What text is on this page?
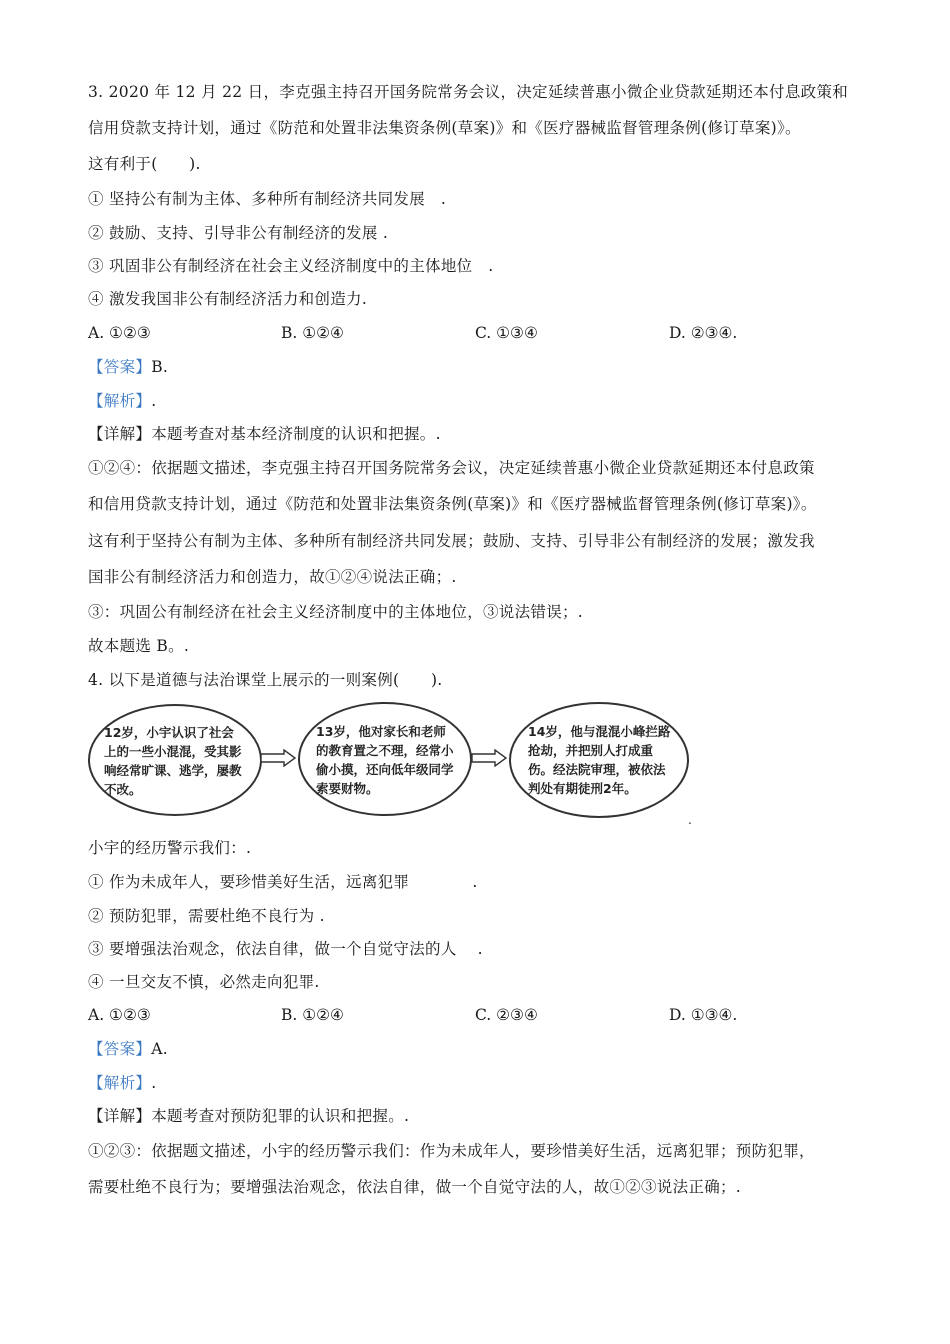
3. 2020 年 12 月 22 日，李克强主持召开国务院常务会议，决定延续普惠小微企业贷款延期还本付息政策和
信用贷款支持计划，通过《防范和处置非法集资条例(草案)》和《医疗器械监督管理条例(修订草案)》。
这有利于(　　).
① 坚持公有制为主体、多种所有制经济共同发展　.
② 鼓励、支持、引导非公有制经济的发展 .
③ 巩固非公有制经济在社会主义经济制度中的主体地位　.
④ 激发我国非公有制经济活力和创造力.
A. ①②③	B. ①②④	C. ①③④	D. ②③④.
【答案】B.
【解析】.
【详解】本题考查对基本经济制度的认识和把握。.
①②④：依据题文描述，李克强主持召开国务院常务会议，决定延续普惠小微企业贷款延期还本付息政策
和信用贷款支持计划，通过《防范和处置非法集资条例(草案)》和《医疗器械监督管理条例(修订草案)》。
这有利于坚持公有制为主体、多种所有制经济共同发展；鼓励、支持、引导非公有制经济的发展；激发我
国非公有制经济活力和创造力，故①②④说法正确；.
③：巩固公有制经济在社会主义经济制度中的主体地位，③说法错误；.
故本题选 B。.
4. 以下是道德与法治课堂上展示的一则案例(　　).
12岁，小宇认识了社会上的一些小混混，受其影响经常旷课、逃学，屡教不改。
13岁，他对家长和老师的教育置之不理，经常小偷小摸，还向低年级同学索要财物。
14岁，他与混混小峰拦路抢劫，并把别人打成重伤。经法院审理，被依法判处有期徒刑2年。
.
小宇的经历警示我们：.
① 作为未成年人，要珍惜美好生活，远离犯罪　　　　.
② 预防犯罪，需要杜绝不良行为 .
③ 要增强法治观念，依法自律，做一个自觉守法的人　 .
④ 一旦交友不慎，必然走向犯罪.
A. ①②③	B. ①②④	C. ②③④	D. ①③④.
【答案】A.
【解析】.
【详解】本题考查对预防犯罪的认识和把握。.
①②③：依据题文描述，小宇的经历警示我们：作为未成年人，要珍惜美好生活，远离犯罪；预防犯罪，
需要杜绝不良行为；要增强法治观念，依法自律，做一个自觉守法的人，故①②③说法正确；.
